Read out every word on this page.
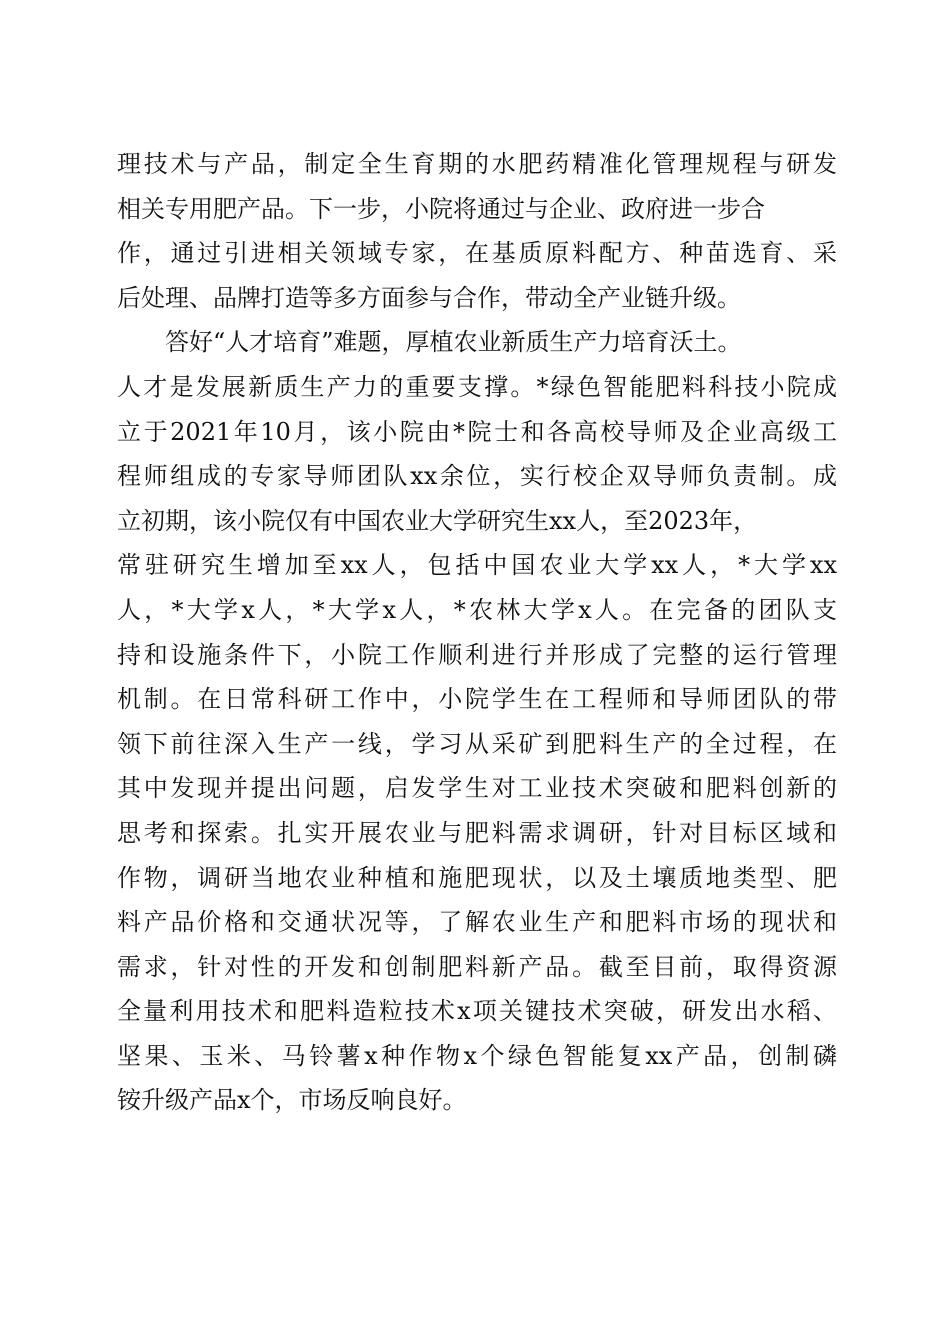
理技术与产品，制定全生育期的水肥药精准化管理规程与研发
相关专用肥产品。下一步，小院将通过与企业、政府进一步合
作，通过引进相关领域专家，在基质原料配方、种苗选育、采
后处理、品牌打造等多方面参与合作，带动全产业链升级。
　　答好“人才培育”难题，厚植农业新质生产力培育沃土。
人才是发展新质生产力的重要支撑。*绿色智能肥料科技小院成
立于2021年10月，该小院由*院士和各高校导师及企业高级工
程师组成的专家导师团队xx余位，实行校企双导师负责制。成
立初期，该小院仅有中国农业大学研究生xx人，至2023年，
常驻研究生增加至xx人，包括中国农业大学xx人，*大学xx
人，*大学x人，*大学x人，*农林大学x人。在完备的团队支
持和设施条件下，小院工作顺利进行并形成了完整的运行管理
机制。在日常科研工作中，小院学生在工程师和导师团队的带
领下前往深入生产一线，学习从采矿到肥料生产的全过程，在
其中发现并提出问题，启发学生对工业技术突破和肥料创新的
思考和探索。扎实开展农业与肥料需求调研，针对目标区域和
作物，调研当地农业种植和施肥现状，以及土壤质地类型、肥
料产品价格和交通状况等，了解农业生产和肥料市场的现状和
需求，针对性的开发和创制肥料新产品。截至目前，取得资源
全量利用技术和肥料造粒技术x项关键技术突破，研发出水稻、
坚果、玉米、马铃薯x种作物x个绿色智能复xx产品，创制磷
铵升级产品x个，市场反响良好。
